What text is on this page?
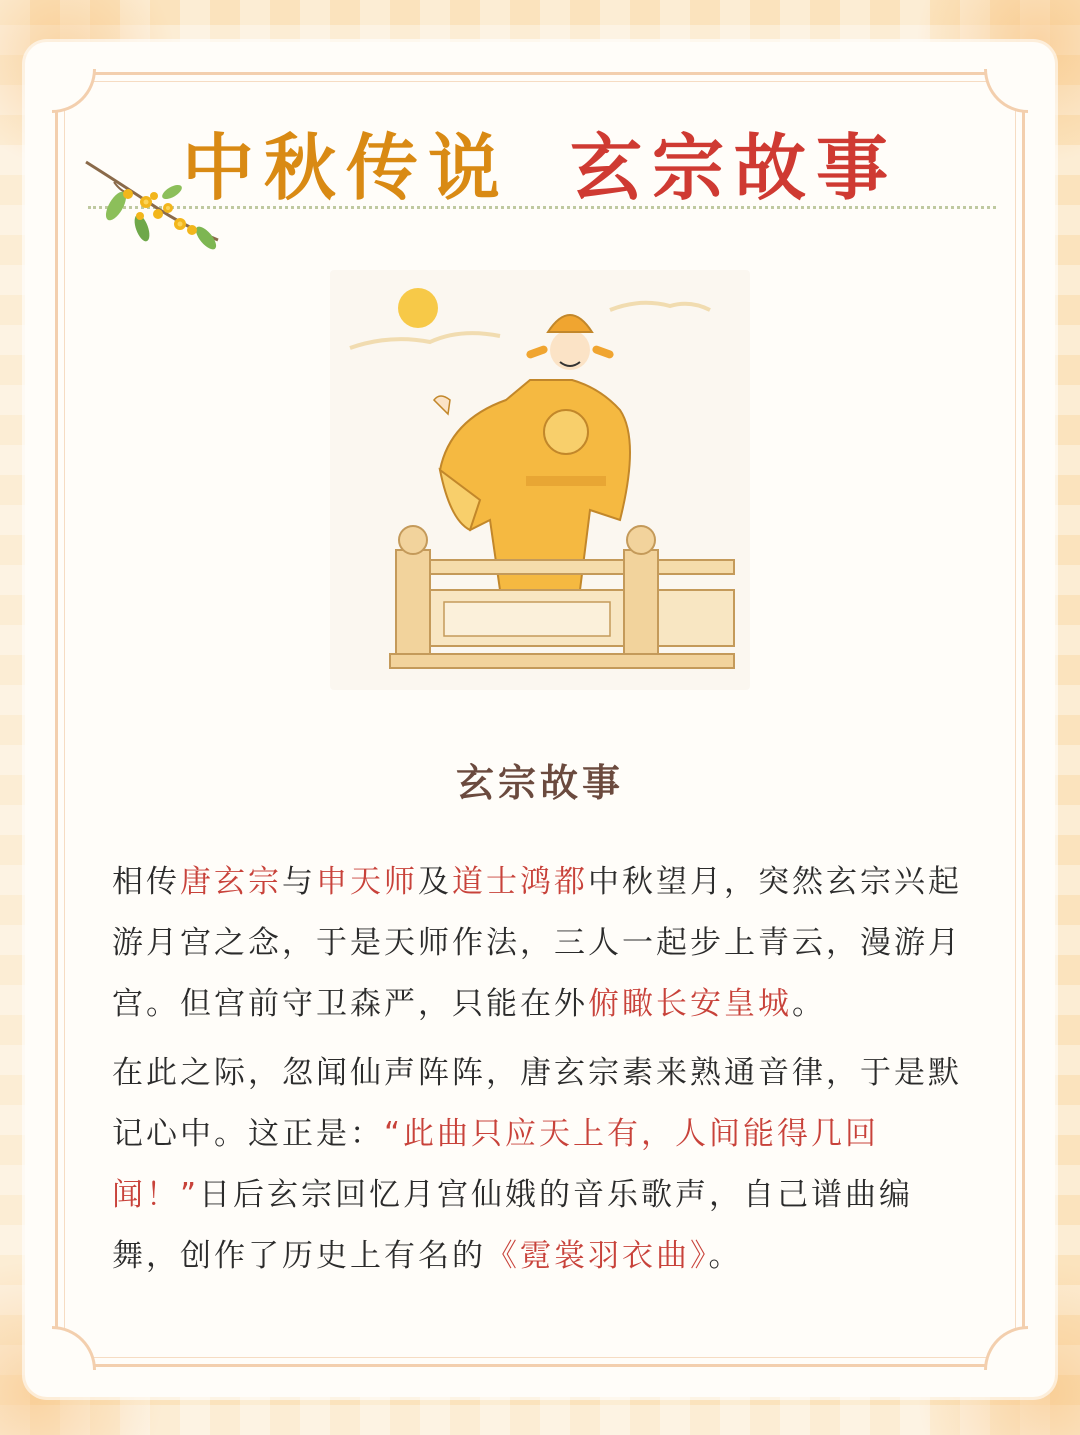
中秋传说 玄宗故事
玄宗故事
相传唐玄宗与申天师及道士鸿都中秋望月，突然玄宗兴起游月宫之念，于是天师作法，三人一起步上青云，漫游月宫。但宫前守卫森严，只能在外俯瞰长安皇城。
在此之际，忽闻仙声阵阵，唐玄宗素来熟通音律，于是默记心中。这正是：“此曲只应天上有，人间能得几回闻！”日后玄宗回忆月宫仙娥的音乐歌声，自己谱曲编舞，创作了历史上有名的《霓裳羽衣曲》。
